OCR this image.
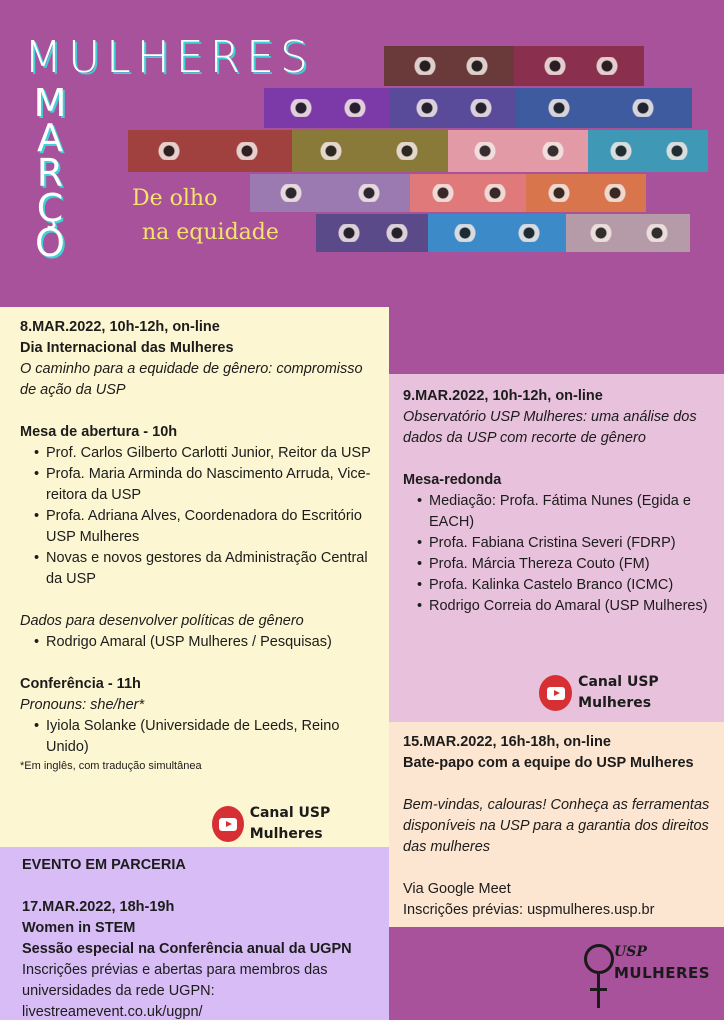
MULHERES
M
A
R
Ç
O
De olho
na equidade
8.MAR.2022, 10h-12h, on-line
Dia Internacional das Mulheres
O caminho para a equidade de gênero: compromisso de ação da USP
Mesa de abertura - 10h
• Prof. Carlos Gilberto Carlotti Junior, Reitor da USP
• Profa. Maria Arminda do Nascimento Arruda, Vice-reitora da USP
• Profa. Adriana Alves, Coordenadora do Escritório USP Mulheres
• Novas e novos gestores da Administração Central da USP
Dados para desenvolver políticas de gênero
• Rodrigo Amaral (USP Mulheres / Pesquisas)
Conferência - 11h
Pronouns: she/her*
• Iyiola Solanke (Universidade de Leeds, Reino Unido)
*Em inglês, com tradução simultânea
Canal USP Mulheres
9.MAR.2022, 10h-12h, on-line
Observatório USP Mulheres: uma análise dos dados da USP com recorte de gênero
Mesa-redonda
• Mediação: Profa. Fátima Nunes (Egida e EACH)
• Profa. Fabiana Cristina Severi (FDRP)
• Profa. Márcia Thereza Couto (FM)
• Profa. Kalinka Castelo Branco (ICMC)
• Rodrigo Correia do Amaral (USP Mulheres)
Canal USP Mulheres
15.MAR.2022, 16h-18h, on-line
Bate-papo com a equipe do USP Mulheres
Bem-vindas, calouras! Conheça as ferramentas disponíveis na USP para a garantia dos direitos das mulheres
Via Google Meet
Inscrições prévias: uspmulheres.usp.br
EVENTO EM PARCERIA
17.MAR.2022, 18h-19h
Women in STEM
Sessão especial na Conferência anual da UGPN
Inscrições prévias e abertas para membros das universidades da rede UGPN: livestreamevent.co.uk/ugpn/
USP
MULHERES
